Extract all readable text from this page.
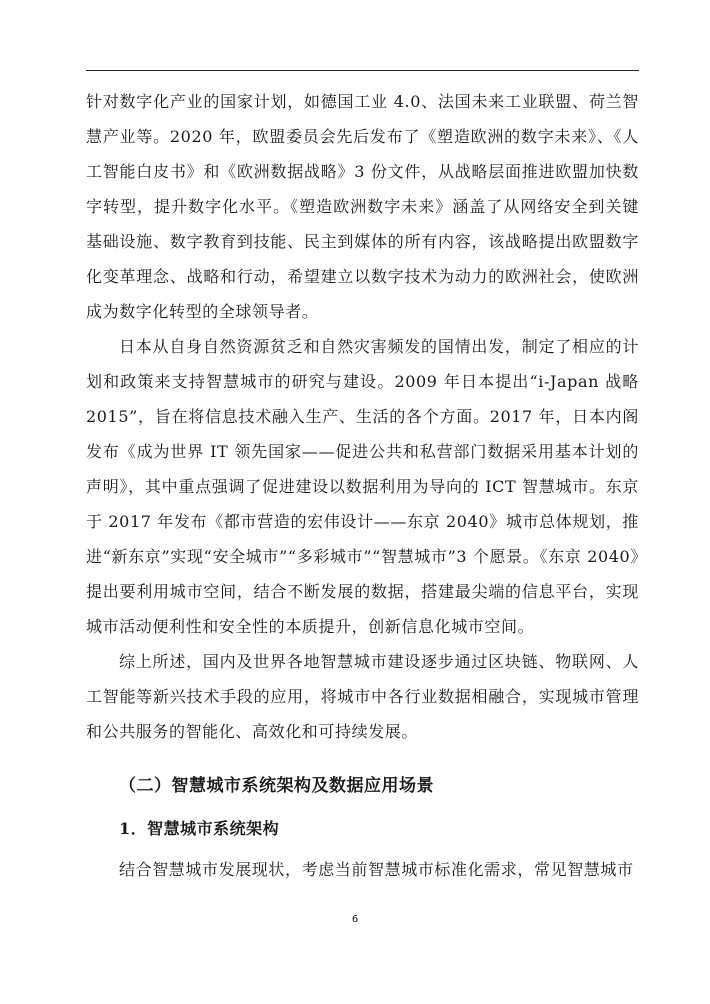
针对数字化产业的国家计划，如德国工业 4.0、法国未来工业联盟、荷兰智慧产业等。2020 年，欧盟委员会先后发布了《塑造欧洲的数字未来》、《人工智能白皮书》和《欧洲数据战略》3 份文件，从战略层面推进欧盟加快数字转型，提升数字化水平。《塑造欧洲数字未来》涵盖了从网络安全到关键基础设施、数字教育到技能、民主到媒体的所有内容，该战略提出欧盟数字化变革理念、战略和行动，希望建立以数字技术为动力的欧洲社会，使欧洲成为数字化转型的全球领导者。

日本从自身自然资源贫乏和自然灾害频发的国情出发，制定了相应的计划和政策来支持智慧城市的研究与建设。2009 年日本提出“i-Japan 战略 2015”，旨在将信息技术融入生产、生活的各个方面。2017 年，日本内阁发布《成为世界 IT 领先国家——促进公共和私营部门数据采用基本计划的声明》，其中重点强调了促进建设以数据利用为导向的 ICT 智慧城市。东京于 2017 年发布《都市营造的宏伟设计——东京 2040》城市总体规划，推进“新东京”实现“安全城市”“多彩城市”“智慧城市”3 个愿景。《东京 2040》提出要利用城市空间，结合不断发展的数据，搭建最尖端的信息平台，实现城市活动便利性和安全性的本质提升，创新信息化城市空间。

综上所述，国内及世界各地智慧城市建设逐步通过区块链、物联网、人工智能等新兴技术手段的应用，将城市中各行业数据相融合，实现城市管理和公共服务的智能化、高效化和可持续发展。

（二）智慧城市系统架构及数据应用场景
1．智慧城市系统架构

结合智慧城市发展现状，考虑当前智慧城市标准化需求，常见智慧城市

6
